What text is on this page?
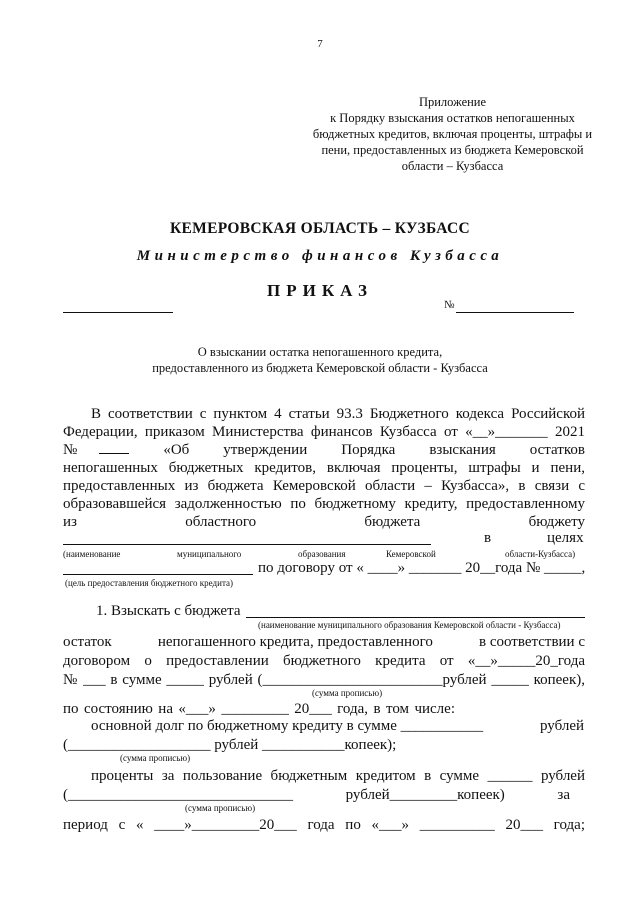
7
Приложение
к Порядку взыскания остатков непогашенных
бюджетных кредитов, включая проценты, штрафы и
пени, предоставленных из бюджета Кемеровской
области – Кузбасса
КЕМЕРОВСКАЯ ОБЛАСТЬ – КУЗБАСС
Министерство финансов Кузбасса
ПРИКАЗ
№
О взыскании остатка непогашенного кредита,
предоставленного из бюджета Кемеровской области - Кузбасса
В соответствии с пунктом 4 статьи 93.3 Бюджетного кодекса Российской
Федерации, приказом Министерства финансов Кузбасса от «__»_______ 2021
№	«Об утверждении Порядка взыскания остатков
непогашенных бюджетных кредитов, включая проценты, штрафы и пени,
предоставленных из бюджета Кемеровской области – Кузбасса», в связи с
образовавшейся задолженностью по бюджетному кредиту, предоставленному
из	областного	бюджета	бюджету
в	целях
(наименование	муниципального	образования	Кемеровской	области-Кузбасса)
по договору от « ____» _______ 20__года № _____,
(цель предоставления бюджетного кредита)
1. Взыскать с бюджета
(наименование муниципального образования Кемеровской области - Кузбасса)
остаток	непогашенного кредита, предоставленного	в соответствии с
договором о предоставлении бюджетного кредита от «__»_____20_года
№ ___ в сумме _____ рублей (________________________рублей _____ копеек),
(сумма прописью)
по состоянию на «___» _________ 20___ года, в том числе:
основной долг по бюджетному кредиту в сумме ___________	рублей
(___________________ рублей ___________копеек);
(сумма прописью)
проценты за пользование бюджетным кредитом в сумме ______ рублей
(______________________________ рублей_________копеек) за
(сумма прописью)
период с « ____»_________20___ года по «___» __________ 20___ года;
